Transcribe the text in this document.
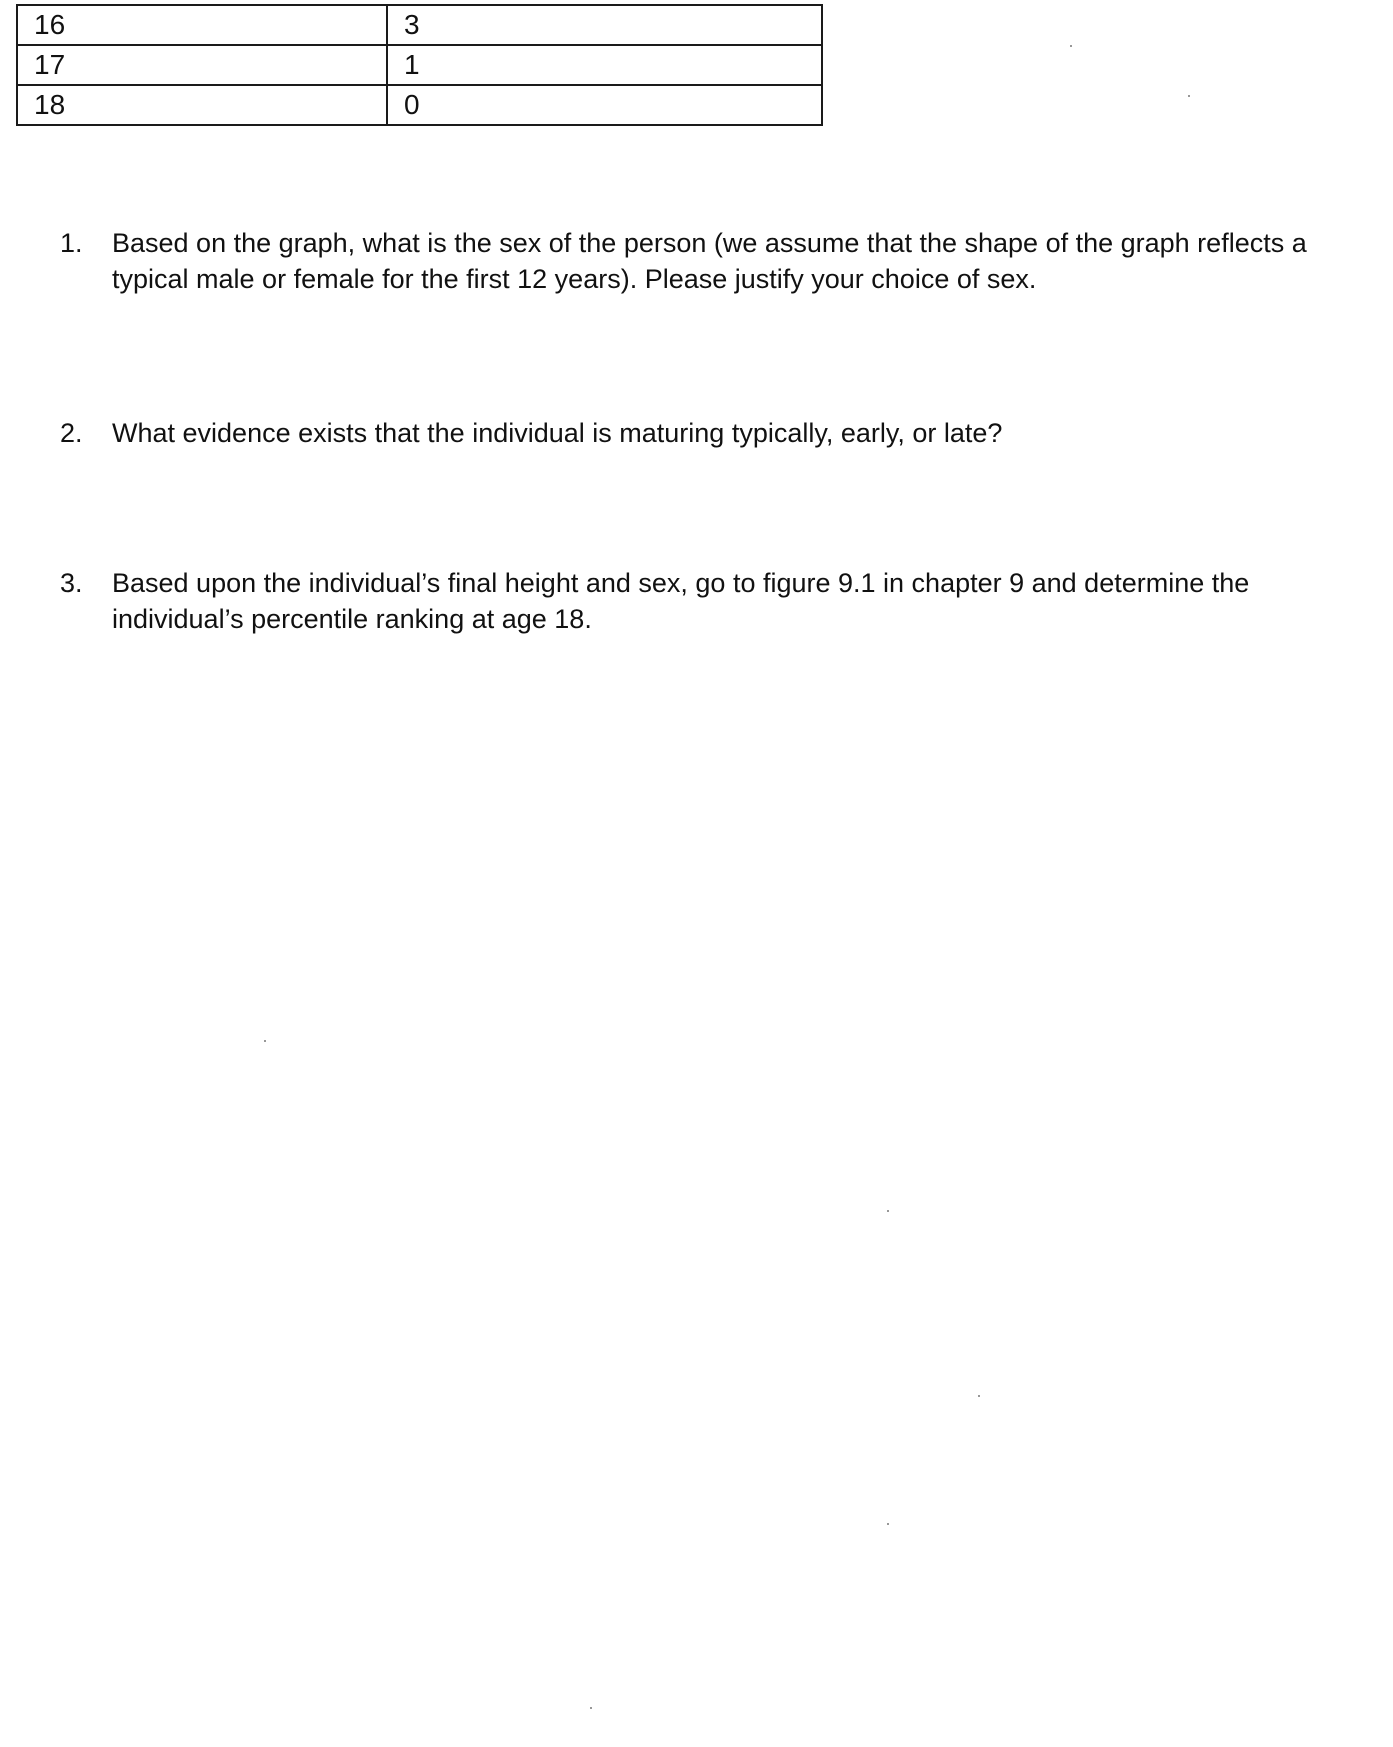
16	3
17	1
18	0
1.	Based on the graph, what is the sex of the person (we assume that the shape of the graph reflects a typical male or female for the first 12 years). Please justify your choice of sex.
2.	What evidence exists that the individual is maturing typically, early, or late?
3.	Based upon the individual’s final height and sex, go to figure 9.1 in chapter 9 and determine the individual’s percentile ranking at age 18.
